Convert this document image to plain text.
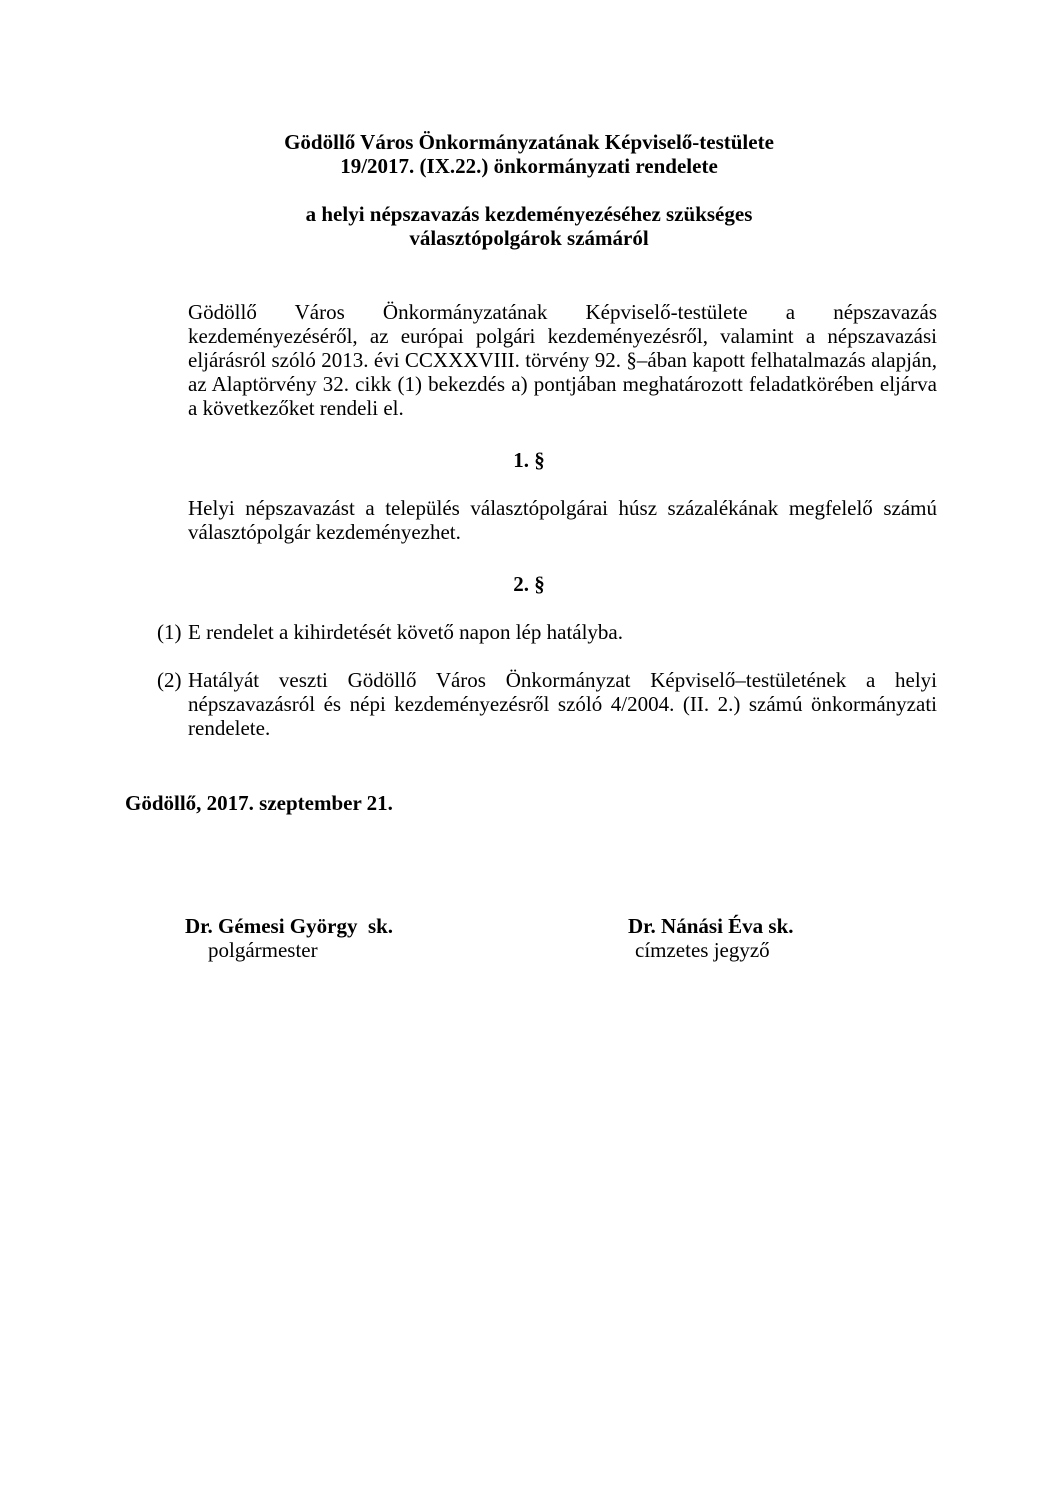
Gödöllő Város Önkormányzatának Képviselő-testülete
19/2017. (IX.22.) önkormányzati rendelete
a helyi népszavazás kezdeményezéséhez szükséges
választópolgárok számáról

Gödöllő Város Önkormányzatának Képviselő-testülete a népszavazás kezdeményezéséről, az európai polgári kezdeményezésről, valamint a népszavazási eljárásról szóló 2013. évi CCXXXVIII. törvény 92. §–ában kapott felhatalmazás alapján, az Alaptörvény 32. cikk (1) bekezdés a) pontjában meghatározott feladatkörében eljárva a következőket rendeli el.

1. §

Helyi népszavazást a település választópolgárai húsz százalékának megfelelő számú választópolgár kezdeményezhet.

2. §
(1) E rendelet a kihirdetését követő napon lép hatályba.
(2) Hatályát veszti Gödöllő Város Önkormányzat Képviselő–testületének a helyi népszavazásról és népi kezdeményezésről szóló 4/2004. (II. 2.) számú önkormányzati rendelete.
Gödöllő, 2017. szeptember 21.
Dr. Gémesi György  sk.
polgármester
Dr. Nánási Éva sk.
címzetes jegyző
